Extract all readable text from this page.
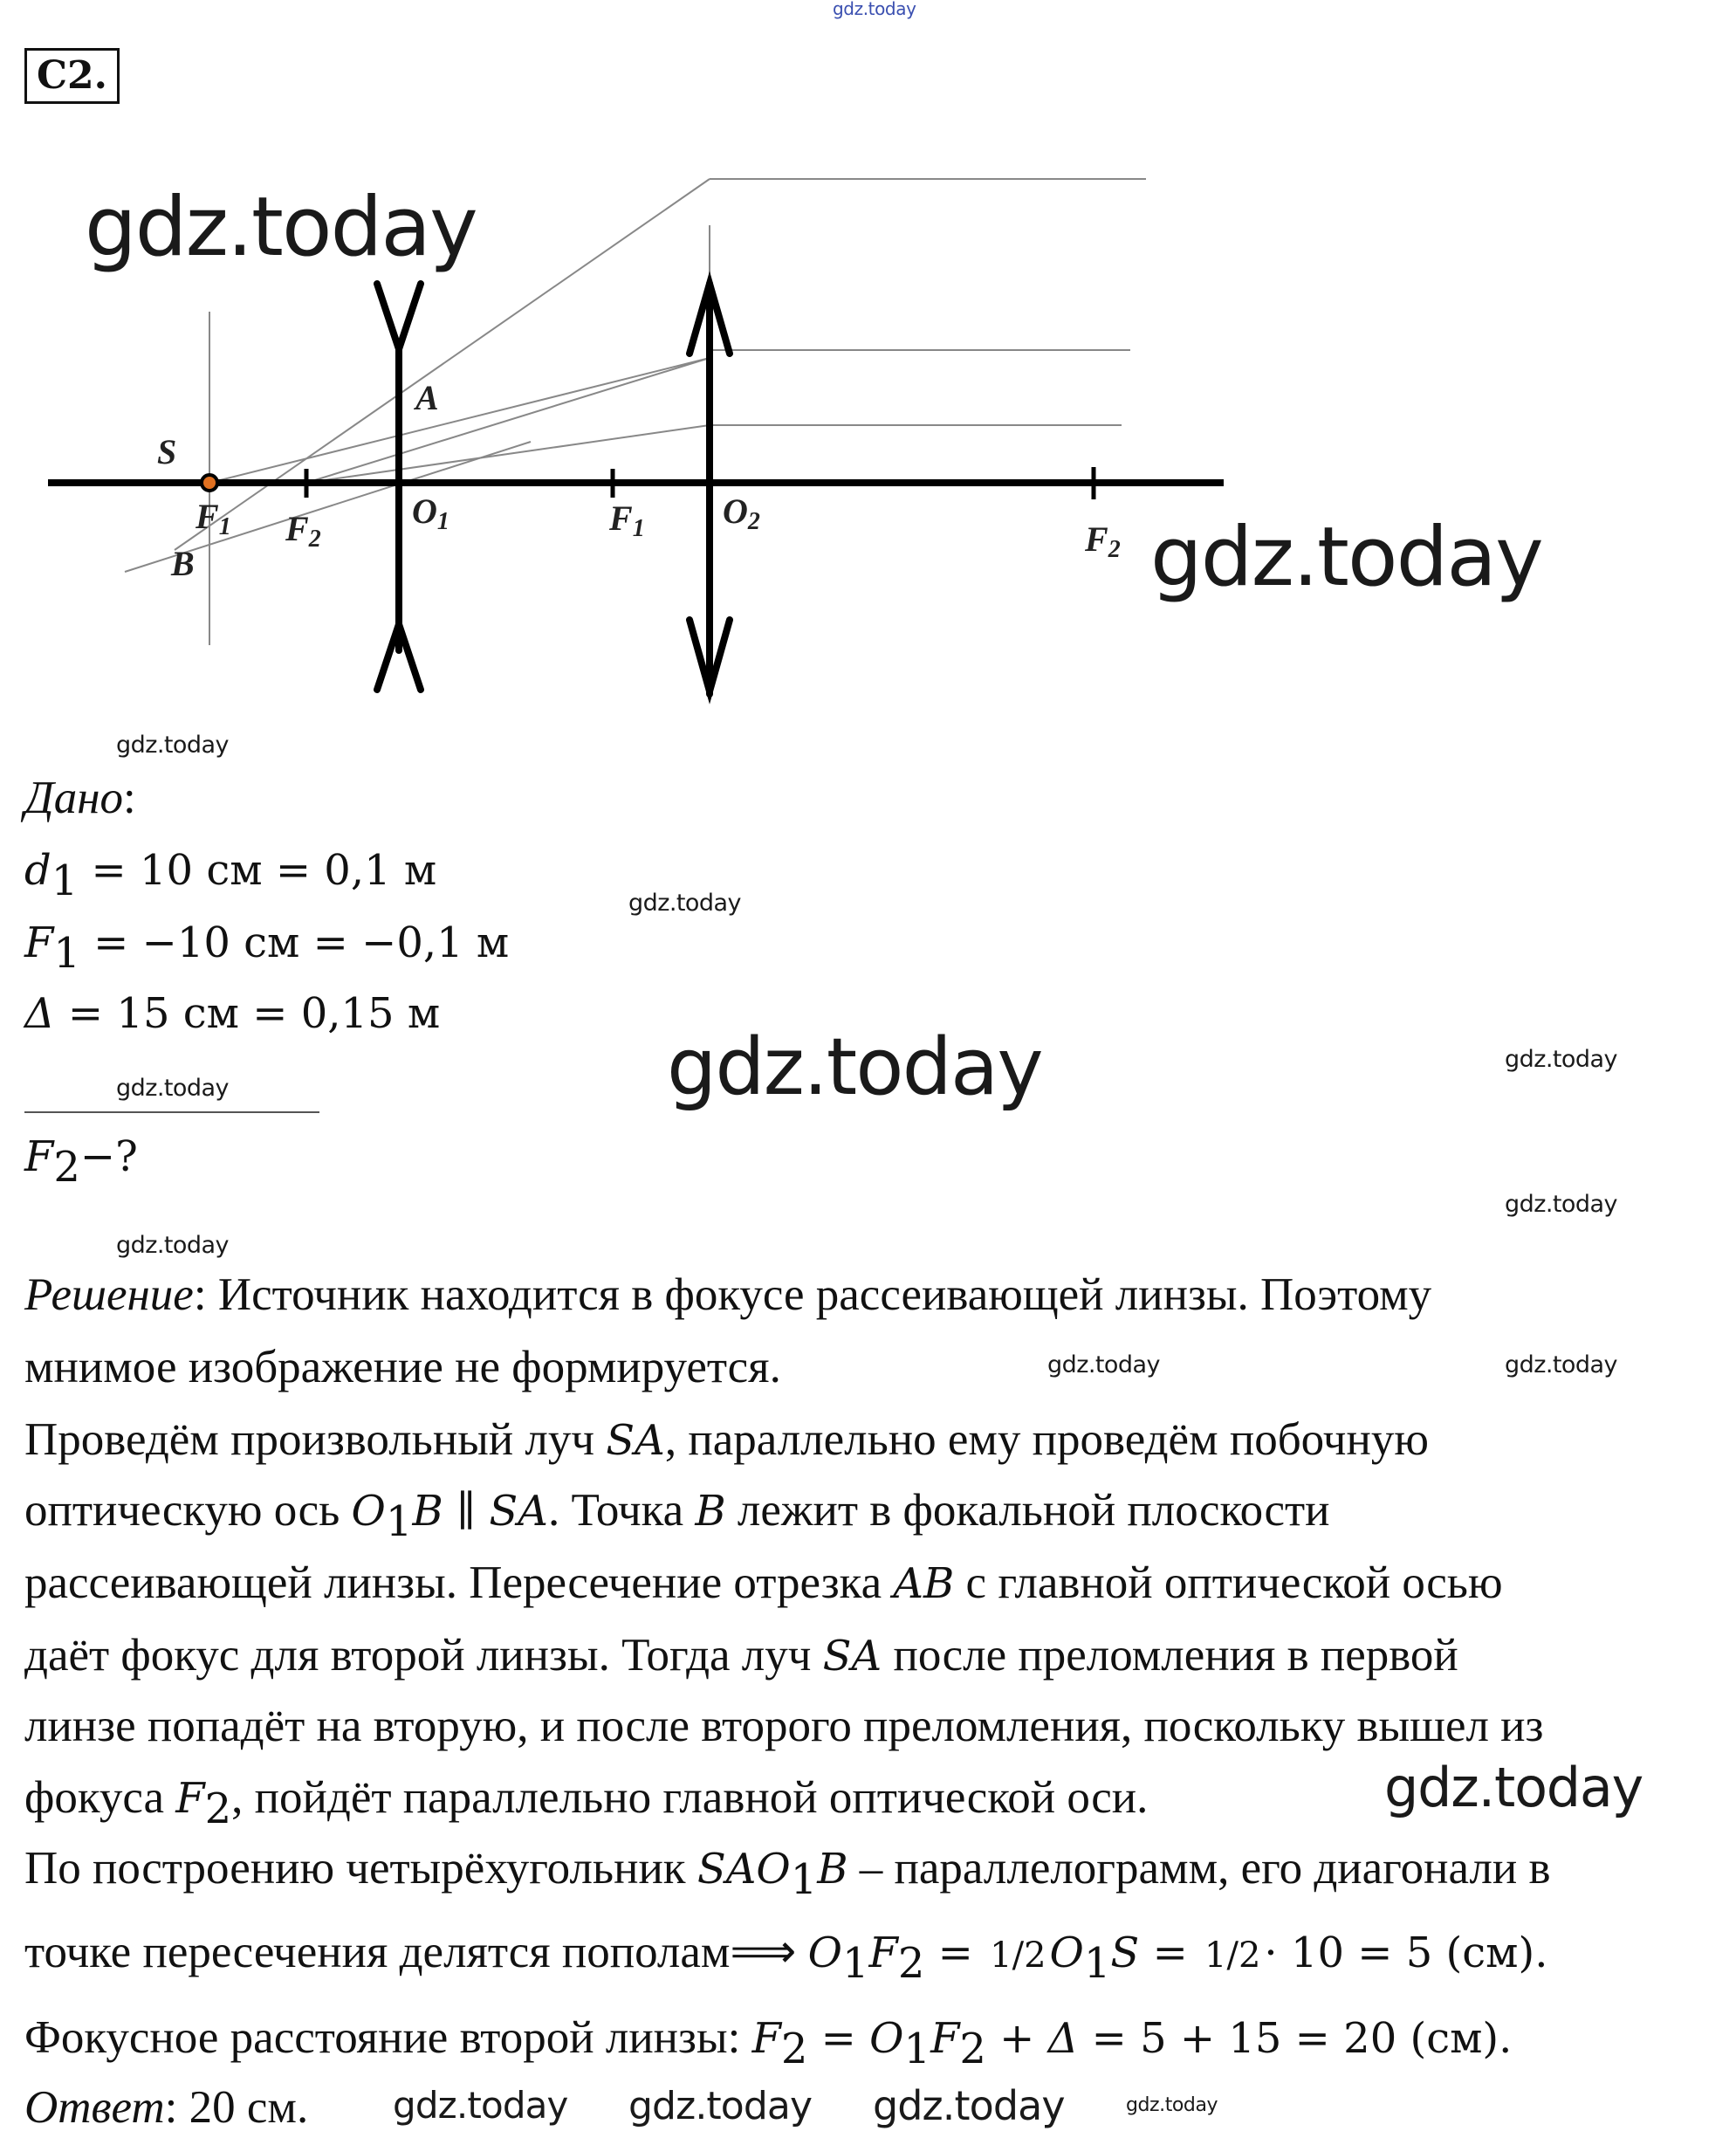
С2.
S
A
B
$F_1$ $F_2$
$O_1$	$F_1$ $O_2$	$F_2$
gdz.today
gdz.today
gdz.today
gdz.today
gdz.today
gdz.today gdz.today gdz.today
gdz.today
gdz.today
gdz.today
gdz.today
gdz.today
gdz.today
gdz.today
gdz.today
gdz.today
Дано:
$d_1 = 10$ см = 0,1 м
$F_1 = -10$ см = −0,1 м
Δ = 15 см = 0,15 м
$F_2-$?
Решение: Источник находится в фокусе рассеивающей линзы. Поэтому
мнимое изображение не формируется.
Проведём произвольный луч SA, параллельно ему проведём побочную
оптическую ось $O_1B$ ∥ SA. Точка B лежит в фокальной плоскости
рассеивающей линзы. Пересечение отрезка AB с главной оптической осью
даёт фокус для второй линзы. Тогда луч SA после преломления в первой
линзе попадёт на вторую, и после второго преломления, поскольку вышел из
фокуса $F_2$, пойдёт параллельно главной оптической оси.
По построению четырёхугольник $SAO_1B$ – параллелограмм, его диагонали в
точке пересечения делятся пополам⟹ $O_1F_2 = 1/2O_1S = 1/2\cdot 10 = 5$ (см).
Фокусное расстояние второй линзы: $F_2 = O_1F_2 + \Delta = 5 + 15 = 20$ (см).
Ответ: 20 см.
